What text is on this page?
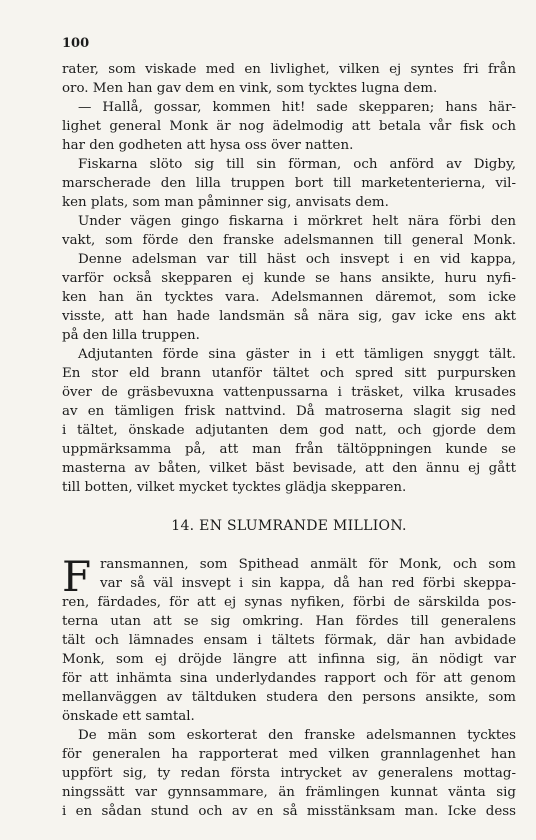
100
rater, som viskade med en livlighet, vilken ej syntes fri från
oro. Men han gav dem en vink, som tycktes lugna dem.
— Hallå, gossar, kommen hit! sade skepparen; hans här-
lighet general Monk är nog ädelmodig att betala vår fisk och
har den godheten att hysa oss över natten.
Fiskarna slöto sig till sin förman, och anförd av Digby,
marscherade den lilla truppen bort till marketenterierna, vil-
ken plats, som man påminner sig, anvisats dem.
Under vägen gingo fiskarna i mörkret helt nära förbi den
vakt, som förde den franske adelsmannen till general Monk.
Denne adelsman var till häst och insvept i en vid kappa,
varför också skepparen ej kunde se hans ansikte, huru nyfi-
ken han än tycktes vara. Adelsmannen däremot, som icke
visste, att han hade landsmän så nära sig, gav icke ens akt
på den lilla truppen.
Adjutanten förde sina gäster in i ett tämligen snyggt tält.
En stor eld brann utanför tältet och spred sitt purpursken
över de gräsbevuxna vattenpussarna i träsket, vilka krusades
av en tämligen frisk nattvind. Då matroserna slagit sig ned
i tältet, önskade adjutanten dem god natt, och gjorde dem
uppmärksamma på, att man från tältöppningen kunde se
masterna av båten, vilket bäst bevisade, att den ännu ej gått
till botten, vilket mycket tycktes glädja skepparen.
14. EN SLUMRANDE MILLION.
F ransmannen, som Spithead anmält för Monk, och som
var så väl insvept i sin kappa, då han red förbi skeppa-
ren, färdades, för att ej synas nyfiken, förbi de särskilda pos-
terna utan att se sig omkring. Han fördes till generalens
tält och lämnades ensam i tältets förmak, där han avbidade
Monk, som ej dröjde längre att infinna sig, än nödigt var
för att inhämta sina underlydandes rapport och för att genom
mellanväggen av tältduken studera den persons ansikte, som
önskade ett samtal.
De män som eskorterat den franske adelsmannen tycktes
för generalen ha rapporterat med vilken grannlagenhet han
uppfört sig, ty redan första intrycket av generalens mottag-
ningssätt var gynnsammare, än främlingen kunnat vänta sig
i en sådan stund och av en så misstänksam man. Icke dess
